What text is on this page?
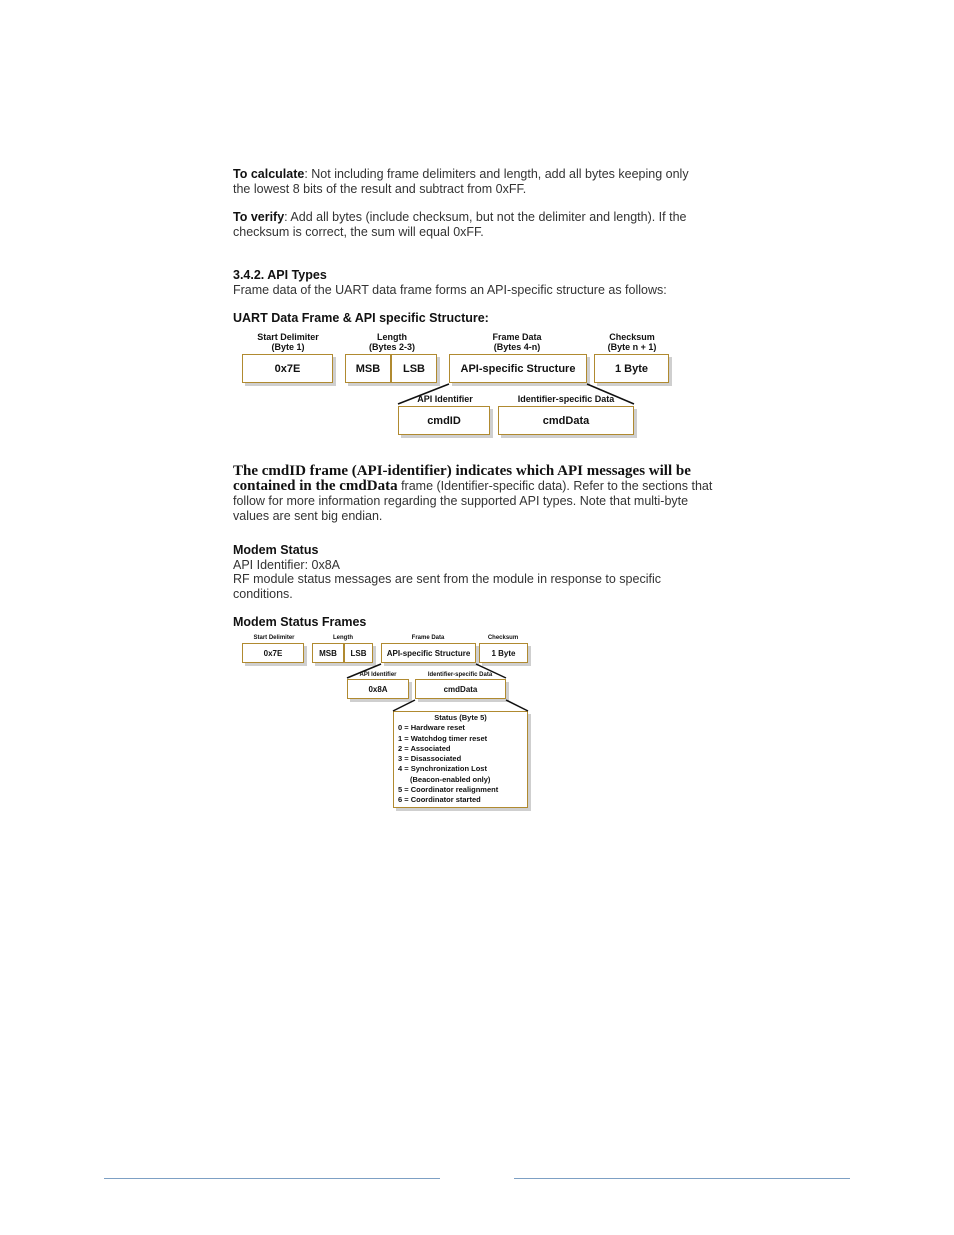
To calculate: Not including frame delimiters and length, add all bytes keeping only
the lowest 8 bits of the result and subtract from 0xFF.

To verify: Add all bytes (include checksum, but not the delimiter and length). If the
checksum is correct, the sum will equal 0xFF.

3.4.2. API Types
Frame data of the UART data frame forms an API-specific structure as follows:

UART Data Frame & API specific Structure:
Start Delimiter
(Byte 1)
Length
(Bytes 2-3)
Frame Data
(Bytes 4-n)
Checksum
(Byte n + 1)
0x7E	MSB	LSB	API-specific Structure	1 Byte
API Identifier	Identifier-specific Data
cmdID	cmdData

The cmdID frame (API-identifier) indicates which API messages will be
contained in the cmdData frame (Identifier-specific data). Refer to the sections that
follow for more information regarding the supported API types. Note that multi-byte
values are sent big endian.

Modem Status
API Identifier: 0x8A
RF module status messages are sent from the module in response to specific
conditions.

Modem Status Frames
Start Delimiter	Length	Frame Data	Checksum
0x7E	MSB	LSB	API-specific Structure	1 Byte
API Identifier	Identifier-specific Data
0x8A	cmdData
Status (Byte 5)
0 = Hardware reset
1 = Watchdog timer reset
2 = Associated
3 = Disassociated
4 = Synchronization Lost
(Beacon-enabled only)
5 = Coordinator realignment
6 = Coordinator started
